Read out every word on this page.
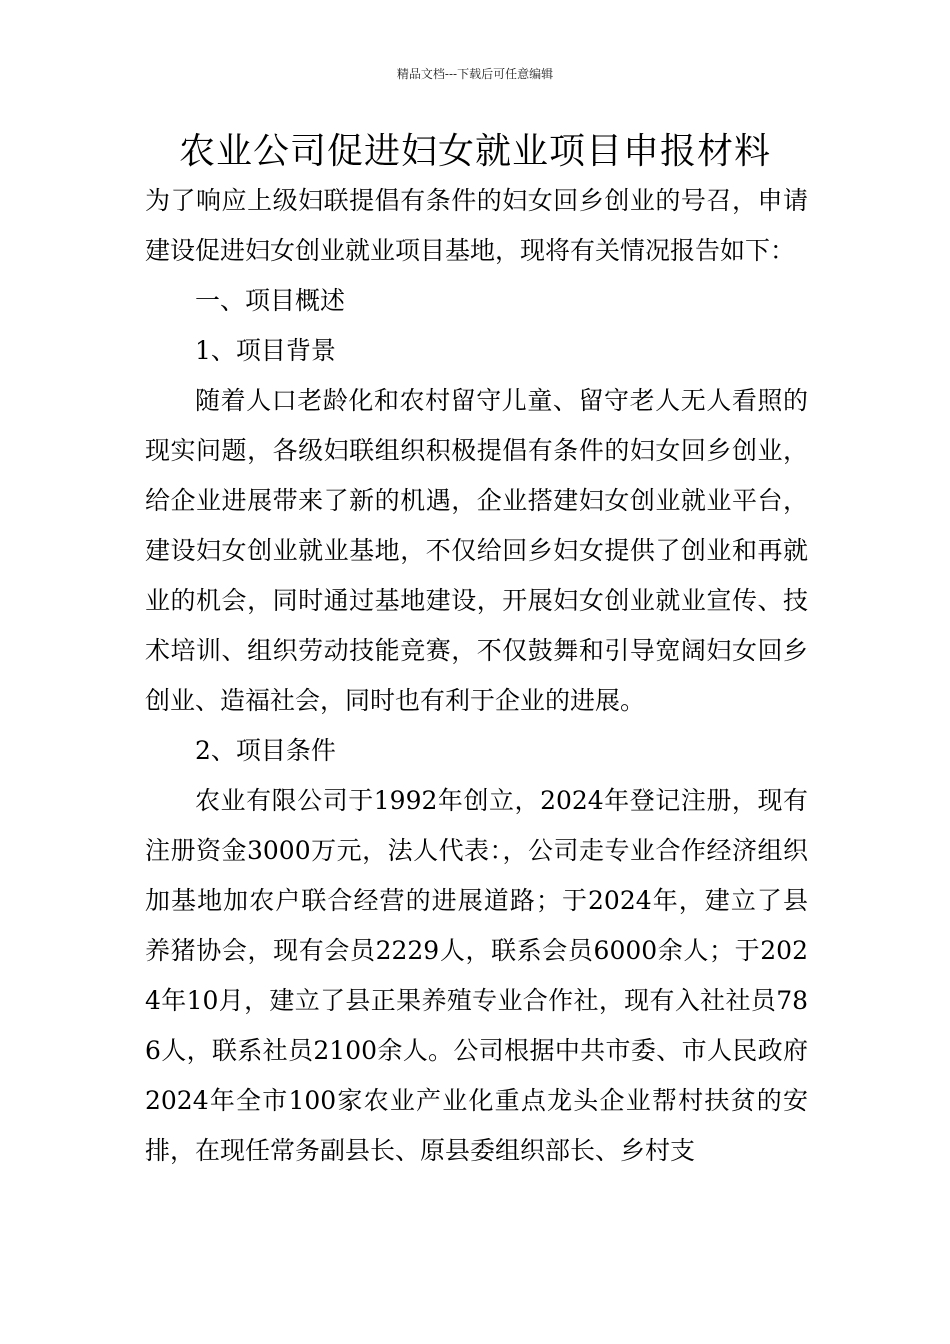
精品文档---下载后可任意编辑
农业公司促进妇女就业项目申报材料

为了响应上级妇联提倡有条件的妇女回乡创业的号召，申请建设促进妇女创业就业项目基地，现将有关情况报告如下：

一、项目概述

1、项目背景

随着人口老龄化和农村留守儿童、留守老人无人看照的现实问题，各级妇联组织积极提倡有条件的妇女回乡创业，给企业进展带来了新的机遇，企业搭建妇女创业就业平台，建设妇女创业就业基地，不仅给回乡妇女提供了创业和再就业的机会，同时通过基地建设，开展妇女创业就业宣传、技术培训、组织劳动技能竞赛，不仅鼓舞和引导宽阔妇女回乡创业、造福社会，同时也有利于企业的进展。

2、项目条件

农业有限公司于1992年创立，2024年登记注册，现有注册资金3000万元，法人代表：，公司走专业合作经济组织加基地加农户联合经营的进展道路；于2024年，建立了县养猪协会，现有会员2229人，联系会员6000余人；于2024年10月，建立了县正果养殖专业合作社，现有入社社员786人，联系社员2100余人。公司根据中共市委、市人民政府2024年全市100家农业产业化重点龙头企业帮村扶贫的安排，在现任常务副县长、原县委组织部长、乡村支
